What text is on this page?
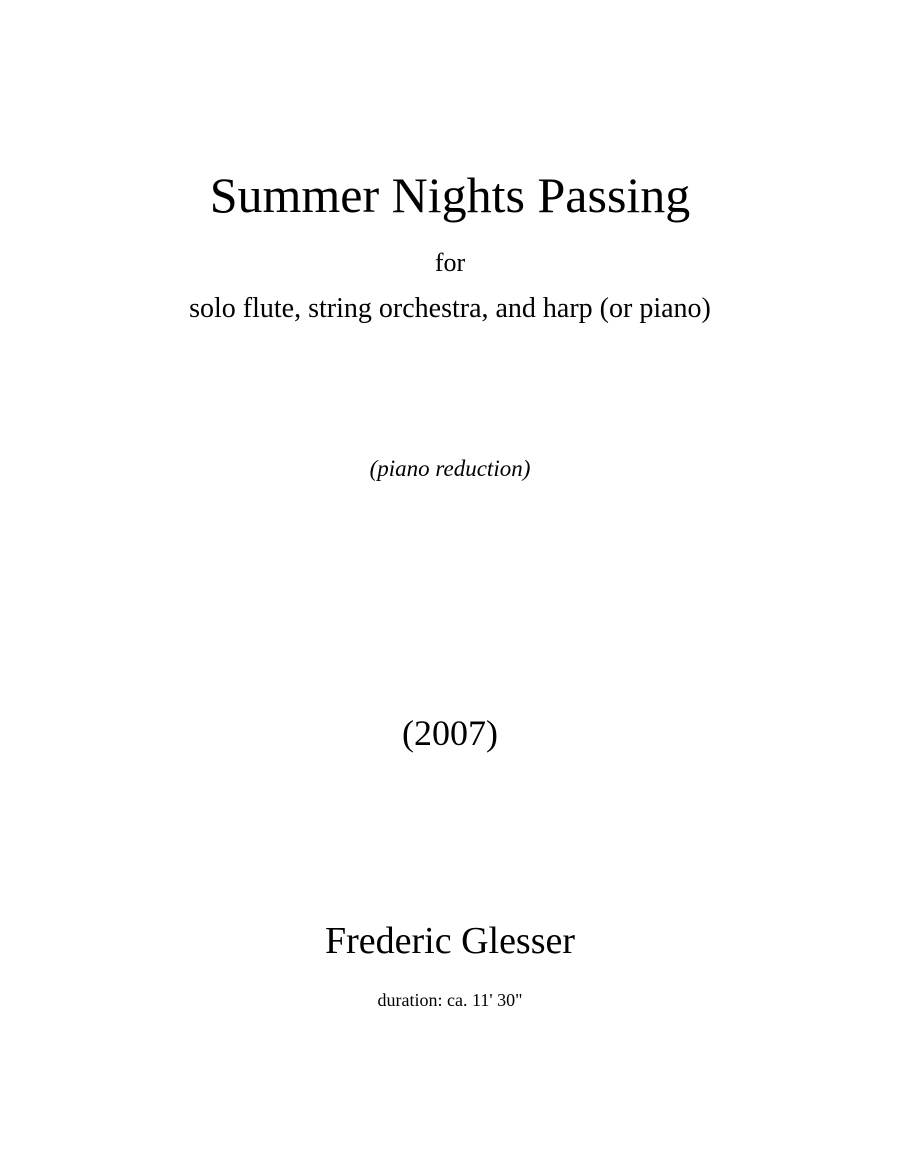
Summer Nights Passing
for
solo flute, string orchestra, and harp (or piano)
(piano reduction)
(2007)
Frederic Glesser
duration: ca. 11' 30"
